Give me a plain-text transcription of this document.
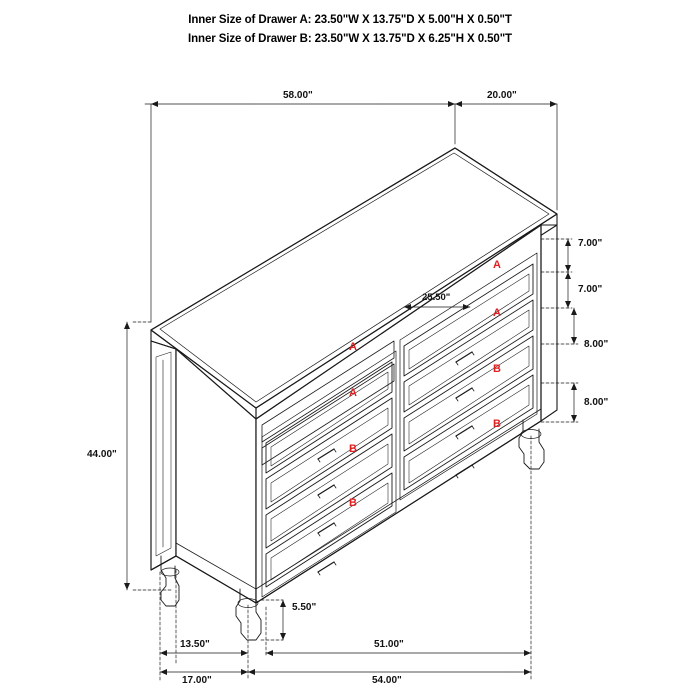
Inner Size of Drawer A: 23.50"W X 13.75"D X 5.00"H X 0.50"T
Inner Size of Drawer B: 23.50"W X 13.75"D X 6.25"H X 0.50"T
58.00"	20.00"
44.00"
7.00"
7.00"
8.00"
8.00"
25.50"
5.50"
51.00"
54.00"
13.50"
17.00"
A
A
B
B
A
A
B
B
